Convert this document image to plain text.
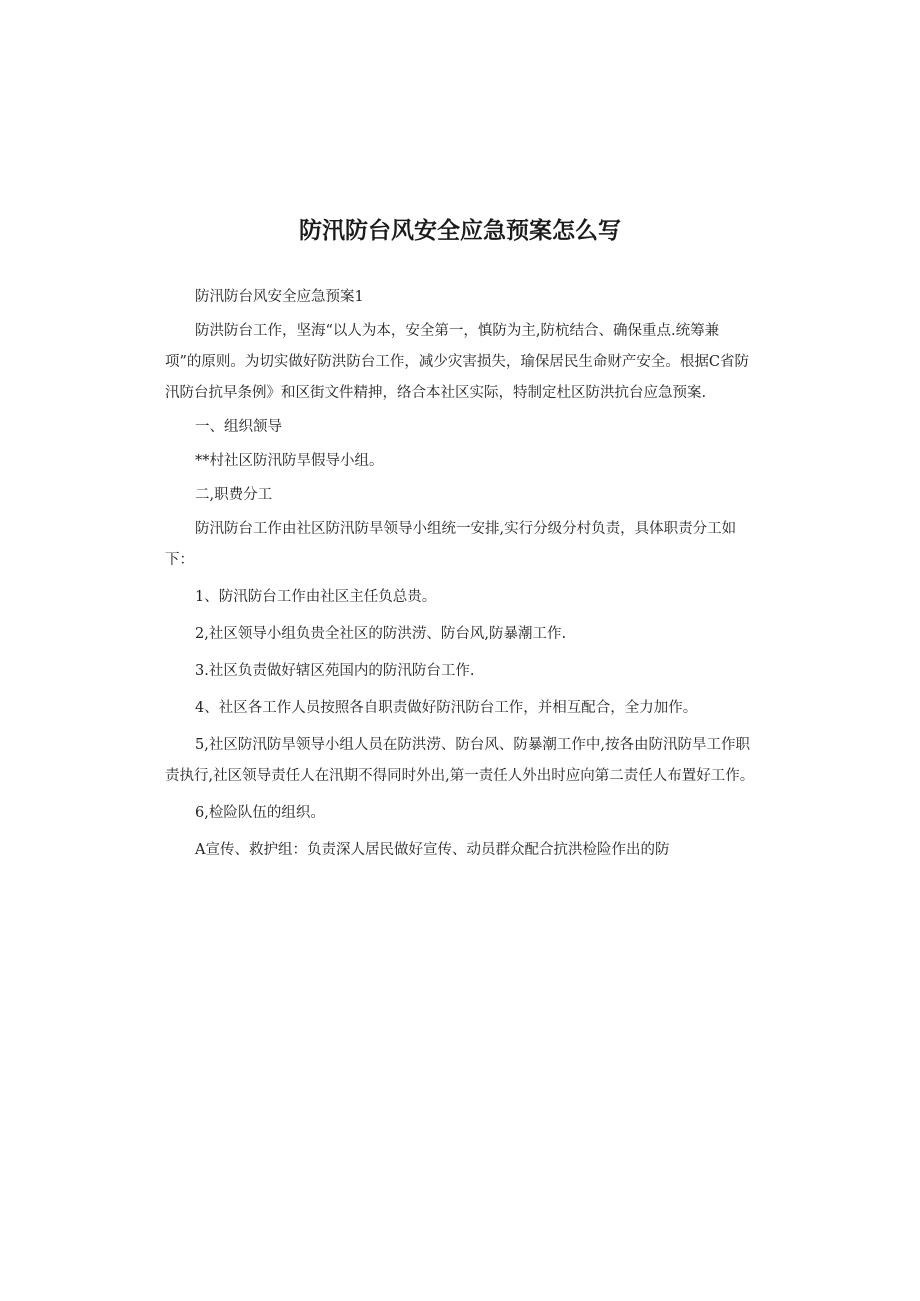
防汛防台风安全应急预案怎么写

防汛防台风安全应急预案1

防洪防台工作，坚海“以人为本，安全第一，慎防为主,防杭结合、确保重点.统筹兼项”的原则。为切实做好防洪防台工作，减少灾害损失，瑜保居民生命财产安全。根据C省防汛防台抗早条例》和区街文件精抻，络合本社区实际，特制定杜区防洪抗台应急预案.

一、组织颔导

**村社区防汛防旱假导小组。

二,职费分工

防汛防台工作由社区防汛防旱领导小组统一安排,实行分级分村负责，具体职责分工如下：

1、防汛防台工作由社区主任负总贵。

2,社区领导小组负贵全社区的防洪涝、防台风,防暴潮工作.

3.社区负责做好辖区苑国内的防汛防台工作.

4、社区各工作人员按照各自职责做好防汛防台工作，并相互配合，全力加作。

5,社区防汛防旱领导小组人员在防洪涝、防台风、防暴潮工作中,按各由防汛防旱工作职责执行,社区领导责任人在汛期不得同时外出,第一责任人外出时应向第二责任人布置好工作。

6,检险队伍的组织。

A宣传、救护组：负责深人居民做好宣传、动员群众配合抗洪检险作出的防
